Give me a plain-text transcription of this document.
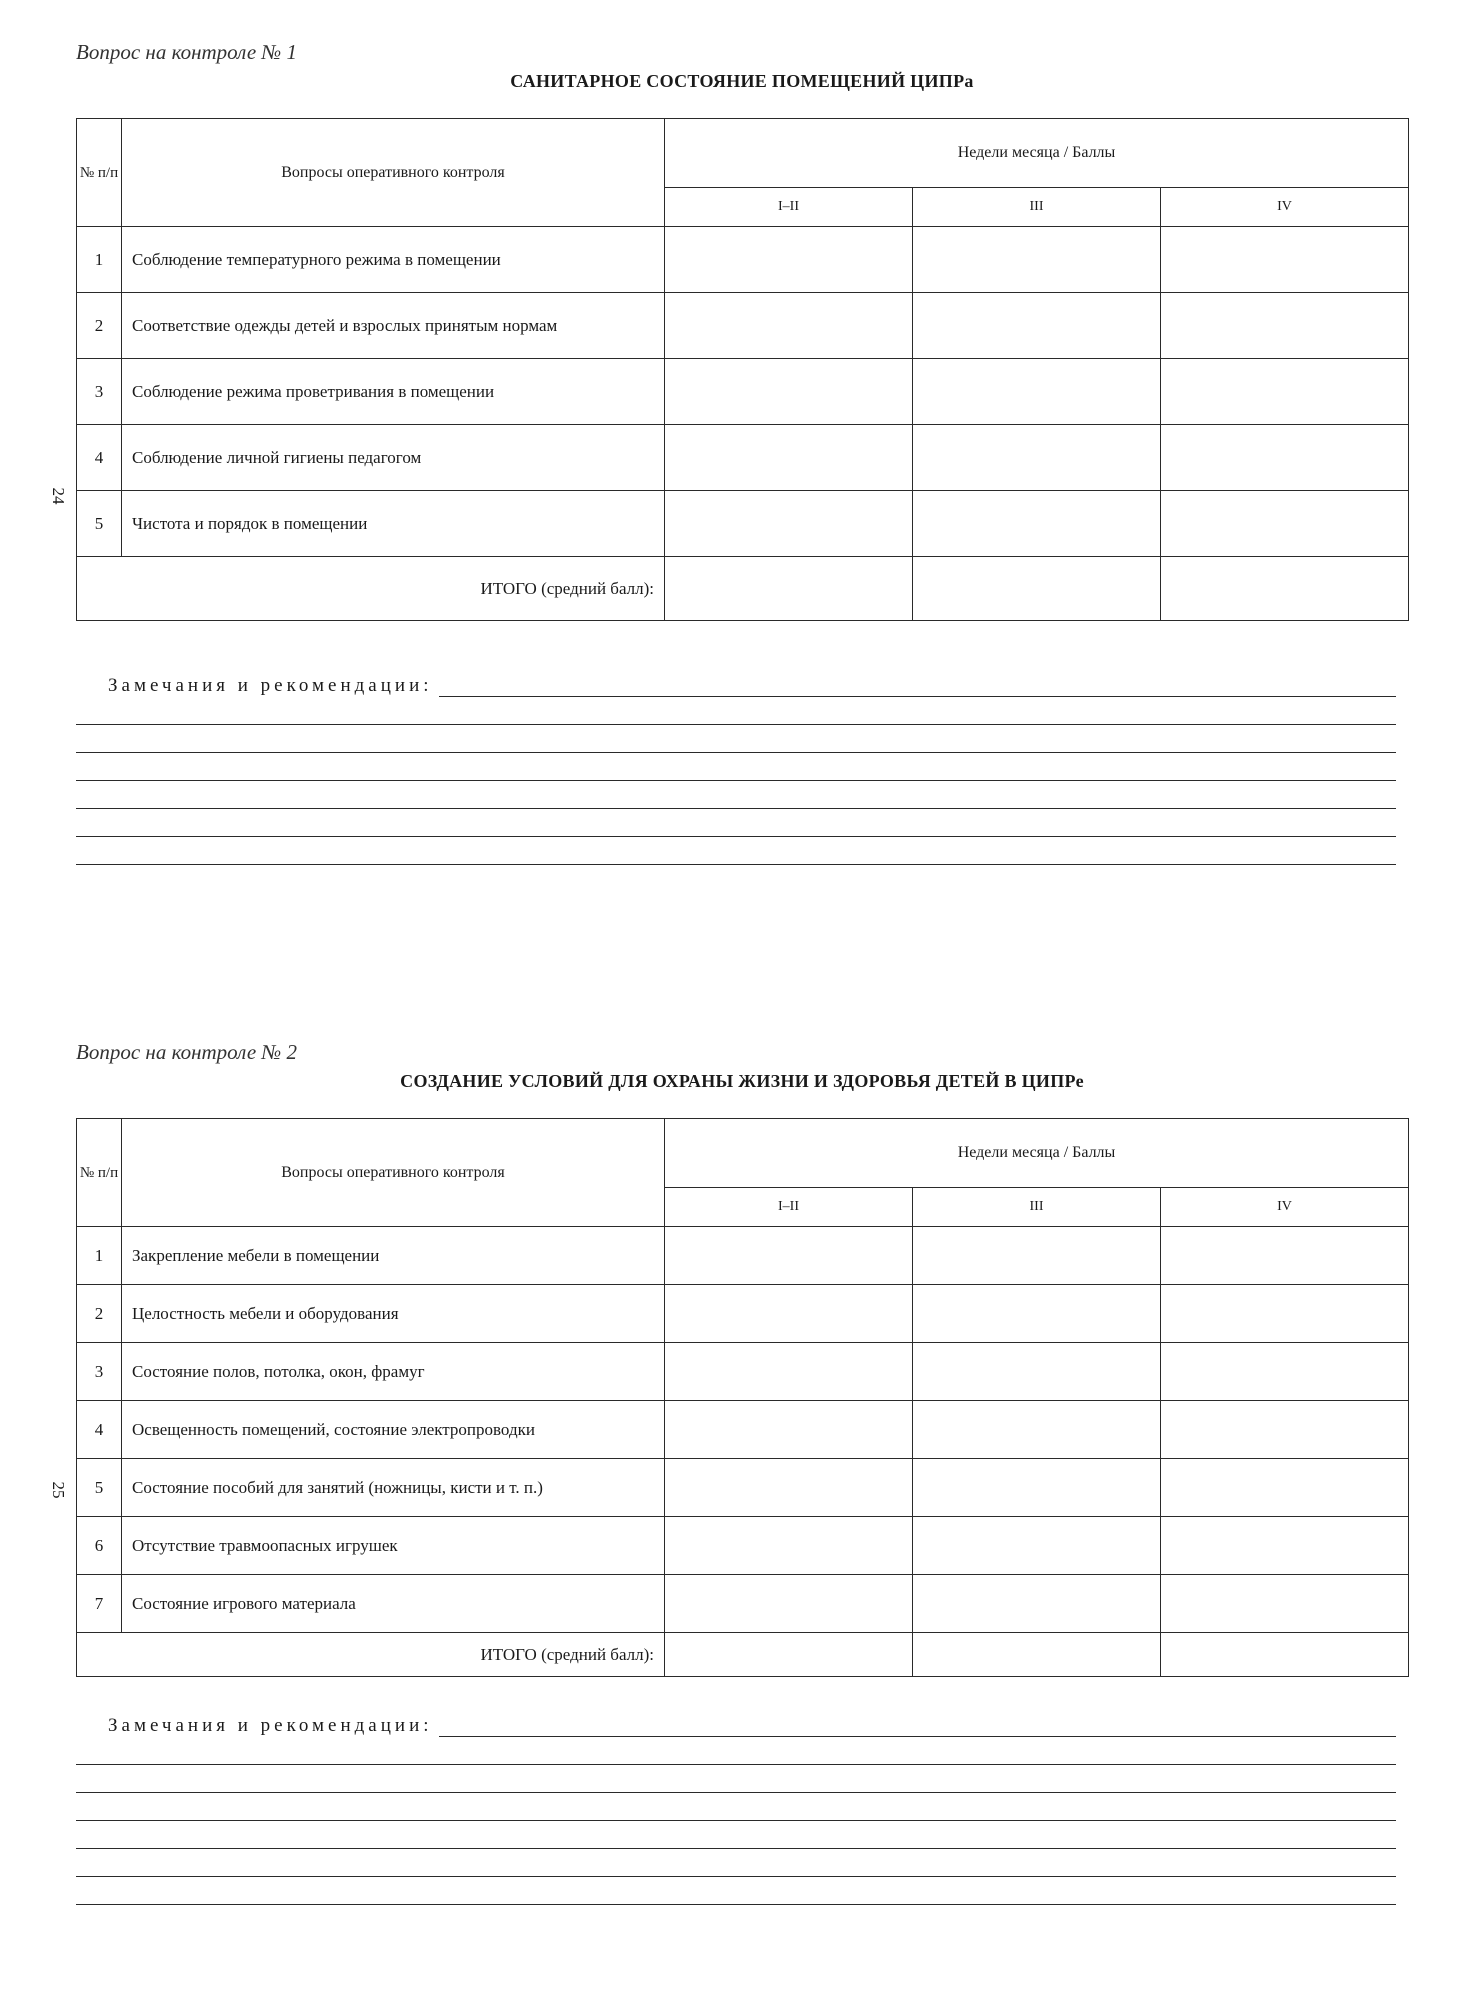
24
25
Вопрос на контроле № 1
САНИТАРНОЕ СОСТОЯНИЕ ПОМЕЩЕНИЙ ЦИПРа
№ п/п	Вопросы оперативного контроля	Недели месяца / Баллы		
		I–II	III	IV
1	Соблюдение температурного режима в помещении			
2	Соответствие одежды детей и взрослых принятым нормам			
3	Соблюдение режима проветривания в помещении			
4	Соблюдение личной гигиены педагогом			
5	Чистота и порядок в помещении			
ИТОГО (средний балл):				
Замечания и рекомендации:
Вопрос на контроле № 2
СОЗДАНИЕ УСЛОВИЙ ДЛЯ ОХРАНЫ ЖИЗНИ И ЗДОРОВЬЯ ДЕТЕЙ В ЦИПРе
№ п/п	Вопросы оперативного контроля	Недели месяца / Баллы		
		I–II	III	IV
1	Закрепление мебели в помещении			
2	Целостность мебели и оборудования			
3	Состояние полов, потолка, окон, фрамуг			
4	Освещенность помещений, состояние электропроводки			
5	Состояние пособий для занятий (ножницы, кисти и т. п.)			
6	Отсутствие травмоопасных игрушек			
7	Состояние игрового материала			
ИТОГО (средний балл):				
Замечания и рекомендации:
